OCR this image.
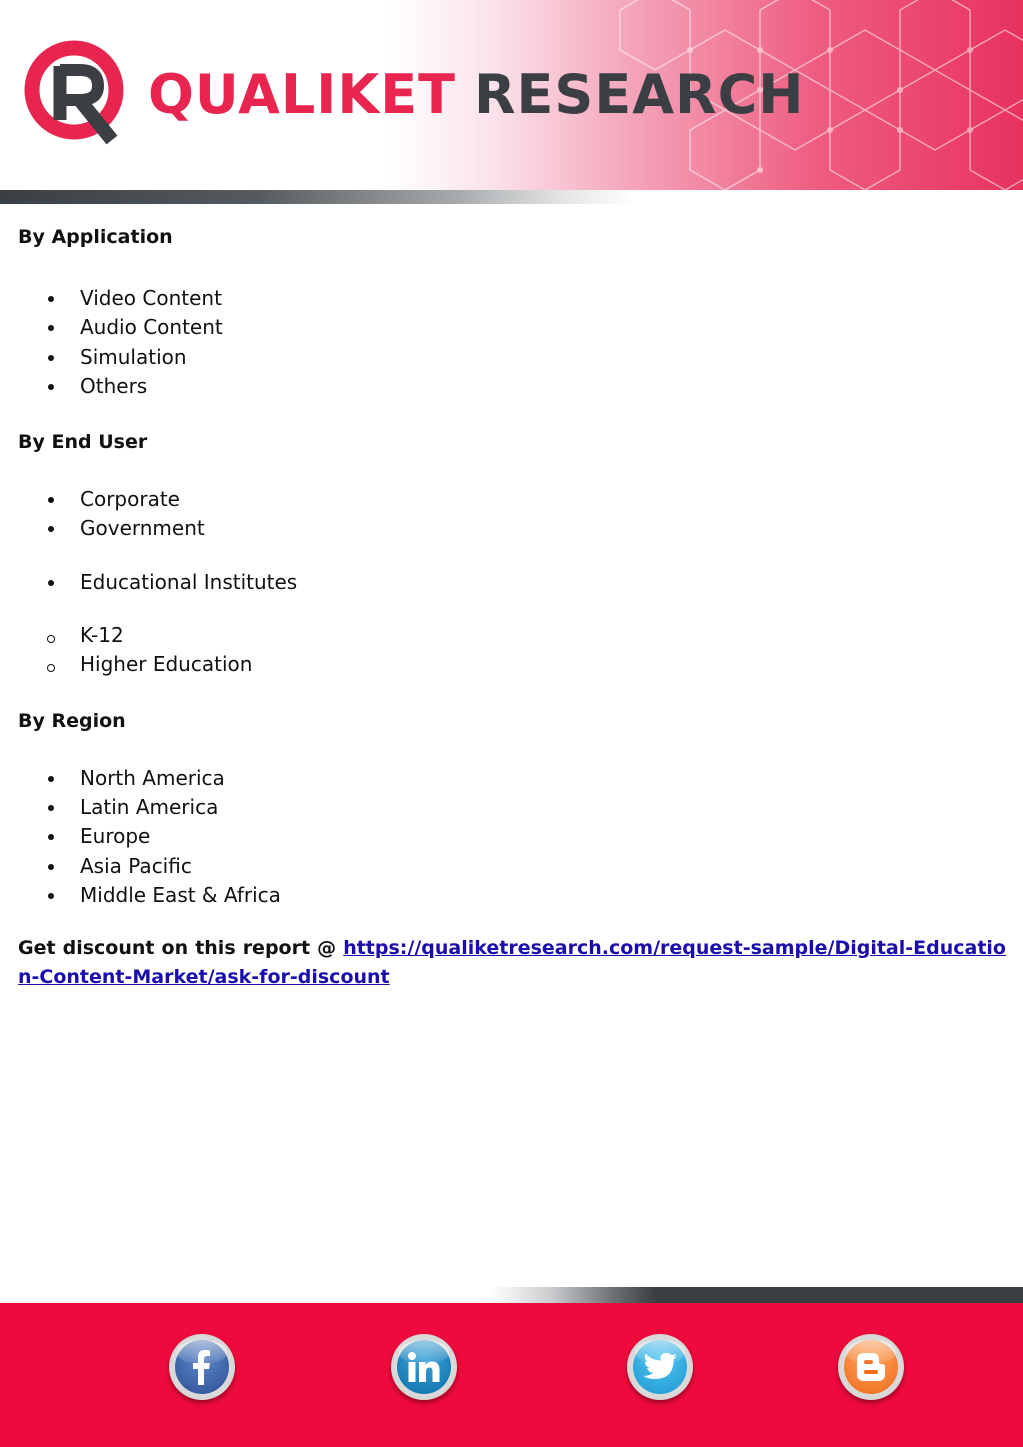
QUALIKET RESEARCH
By Application
Video Content
Audio Content
Simulation
Others
By End User
Corporate
Government
Educational Institutes
K-12
Higher Education
By Region
North America
Latin America
Europe
Asia Pacific
Middle East & Africa

Get discount on this report @ https://qualiketresearch.com/request-sample/Digital-Education-Content-Market/ask-for-discount
